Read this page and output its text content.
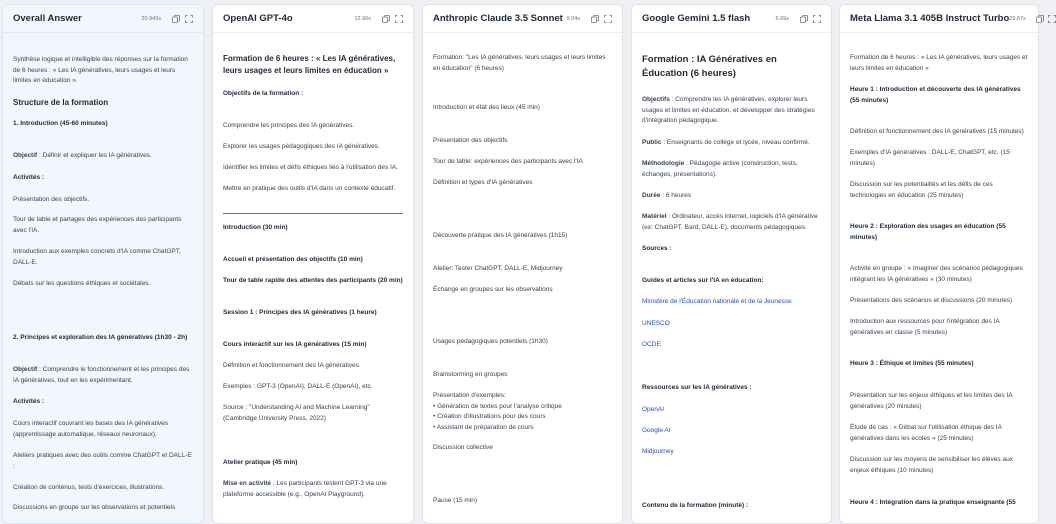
Overall Answer	20.943s
Synthèse logique et intelligible des réponses sur la formation de 6 heures : « Les IA génératives, leurs usages et leurs limites en éducation ».
Structure de la formation
1. Introduction (45-60 minutes)
Objectif : Définir et expliquer les IA génératives.
Activités :
Présentation des objectifs.
Tour de table et partages des expériences des participants avec l'IA.
Introduction aux exemples concrets d'IA comme ChatGPT, DALL-E.
Débats sur les questions éthiques et sociétales.
2. Principes et exploration des IA génératives (1h30 - 2h)
Objectif : Comprendre le fonctionnement et les principes des IA génératives, tout en les expérimentant.
Activités :
Cours interactif couvrant les bases des IA génératives (apprentissage automatique, réseaux neuronaux).
Ateliers pratiques avec des outils comme ChatGPT et DALL-E :
Création de contenus, tests d'exercices, illustrations.
Discussions en groupe sur les observations et potentiels
OpenAI GPT-4o	12.96s
Formation de 6 heures : « Les IA génératives, leurs usages et leurs limites en éducation »
Objectifs de la formation :
Comprendre les principes des IA génératives.
Explorer les usages pédagogiques des IA génératives.
Identifier les limites et défis éthiques liés à l'utilisation des IA.
Mettre en pratique des outils d'IA dans un contexte éducatif.
Introduction (30 min)
Accueil et présentation des objectifs (10 min)
Tour de table rapide des attentes des participants (20 min)
Session 1 : Principes des IA génératives (1 heure)
Cours interactif sur les IA génératives (15 min)
Définition et fonctionnement des IA génératives.
Exemples : GPT-3 (OpenAI), DALL-E (OpenAI), etc.
Source : "Understanding AI and Machine Learning" (Cambridge University Press, 2022)
Atelier pratique (45 min)
Mise en activité : Les participants testent GPT-3 via une plateforme accessible (e.g., OpenAI Playground).
Anthropic Claude 3.5 Sonnet 9.04s
Formation: "Les IA génératives, leurs usages et leurs limites en éducation" (6 heures)
Introduction et état des lieux (45 min)
Présentation des objectifs
Tour de table: expériences des participants avec l'IA
Définition et types d'IA génératives
Découverte pratique des IA génératives (1h15)
Atelier: Tester ChatGPT, DALL-E, Midjourney
Échange en groupes sur les observations
Usages pédagogiques potentiels (1h30)
Brainstorming en groupes
Présentation d'exemples:
• Génération de textes pour l'analyse critique
• Création d'illustrations pour des cours
• Assistant de préparation de cours
Discussion collective
Pause (15 min)
Google Gemini 1.5 flash	6.69s
Formation : IA Génératives en Éducation (6 heures)
Objectifs : Comprendre les IA génératives, explorer leurs usages et limites en éducation, et développer des stratégies d'intégration pédagogique.
Public : Enseignants de collège et lycée, niveau confirmé.
Méthodologie : Pédagogie active (construction, tests, échanges, présentations).
Durée : 6 heures
Matériel : Ordinateur, accès internet, logiciels d'IA générative (ex: ChatGPT, Bard, DALL-E), documents pédagogiques.
Sources :
Guides et articles sur l'IA en éducation:
Ministère de l'Éducation nationale et de la Jeunesse
UNESCO
OCDE
Ressources sur les IA génératives :
OpenAI
Google AI
Midjourney
Contenu de la formation (minuté) :
Meta Llama 3.1 405B Instruct Turbo 29.67s
Formation de 6 heures : « Les IA génératives, leurs usages et leurs limites en éducation »
Heure 1 : Introduction et découverte des IA génératives (55 minutes)
Définition et fonctionnement des IA génératives (15 minutes)
Exemples d'IA génératives : DALL-E, ChatGPT, etc. (15 minutes)
Discussion sur les potentialités et les défis de ces technologies en éducation (25 minutes)
Heure 2 : Exploration des usages en éducation (55 minutes)
Activité en groupe : « Imaginer des scénarios pédagogiques intégrant les IA génératives » (30 minutes)
Présentations des scénarios et discussions (20 minutes)
Introduction aux ressources pour l'intégration des IA génératives en classe (5 minutes)
Heure 3 : Éthique et limites (55 minutes)
Présentation sur les enjeux éthiques et les limites des IA génératives (20 minutes)
Étude de cas : « Débat sur l'utilisation éthique des IA génératives dans les écoles » (25 minutes)
Discussion sur les moyens de sensibiliser les élèves aux enjeux éthiques (10 minutes)
Heure 4 : Intégration dans la pratique enseignante (55
